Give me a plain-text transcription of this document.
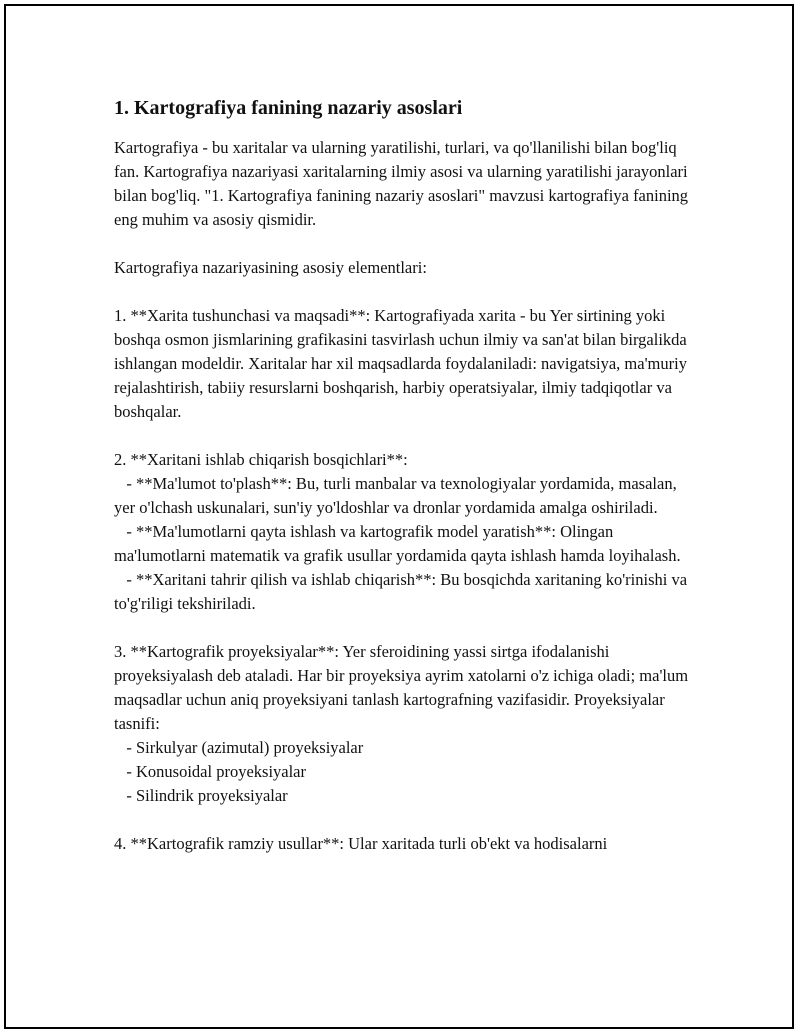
1. Kartografiya fanining nazariy asoslari

Kartografiya - bu xaritalar va ularning yaratilishi, turlari, va qo'llanilishi bilan bog'liq fan. Kartografiya nazariyasi xaritalarning ilmiy asosi va ularning yaratilishi jarayonlari bilan bog'liq. "1. Kartografiya fanining nazariy asoslari" mavzusi kartografiya fanining eng muhim va asosiy qismidir.

Kartografiya nazariyasining asosiy elementlari:

1. **Xarita tushunchasi va maqsadi**: Kartografiyada xarita - bu Yer sirtining yoki boshqa osmon jismlarining grafikasini tasvirlash uchun ilmiy va san'at bilan birgalikda ishlangan modeldir. Xaritalar har xil maqsadlarda foydalaniladi: navigatsiya, ma'muriy rejalashtirish, tabiiy resurslarni boshqarish, harbiy operatsiyalar, ilmiy tadqiqotlar va boshqalar.

2. **Xaritani ishlab chiqarish bosqichlari**:

- **Ma'lumot to'plash**: Bu, turli manbalar va texnologiyalar yordamida, masalan, yer o'lchash uskunalari, sun'iy yo'ldoshlar va dronlar yordamida amalga oshiriladi.

- **Ma'lumotlarni qayta ishlash va kartografik model yaratish**: Olingan ma'lumotlarni matematik va grafik usullar yordamida qayta ishlash hamda loyihalash.

- **Xaritani tahrir qilish va ishlab chiqarish**: Bu bosqichda xaritaning ko'rinishi va to'g'riligi tekshiriladi.

3. **Kartografik proyeksiyalar**: Yer sferoidining yassi sirtga ifodalanishi proyeksiyalash deb ataladi. Har bir proyeksiya ayrim xatolarni o'z ichiga oladi; ma'lum maqsadlar uchun aniq proyeksiyani tanlash kartografning vazifasidir. Proyeksiyalar tasnifi:

- Sirkulyar (azimutal) proyeksiyalar

- Konusoidal proyeksiyalar

- Silindrik proyeksiyalar

4. **Kartografik ramziy usullar**: Ular xaritada turli ob'ekt va hodisalarni
